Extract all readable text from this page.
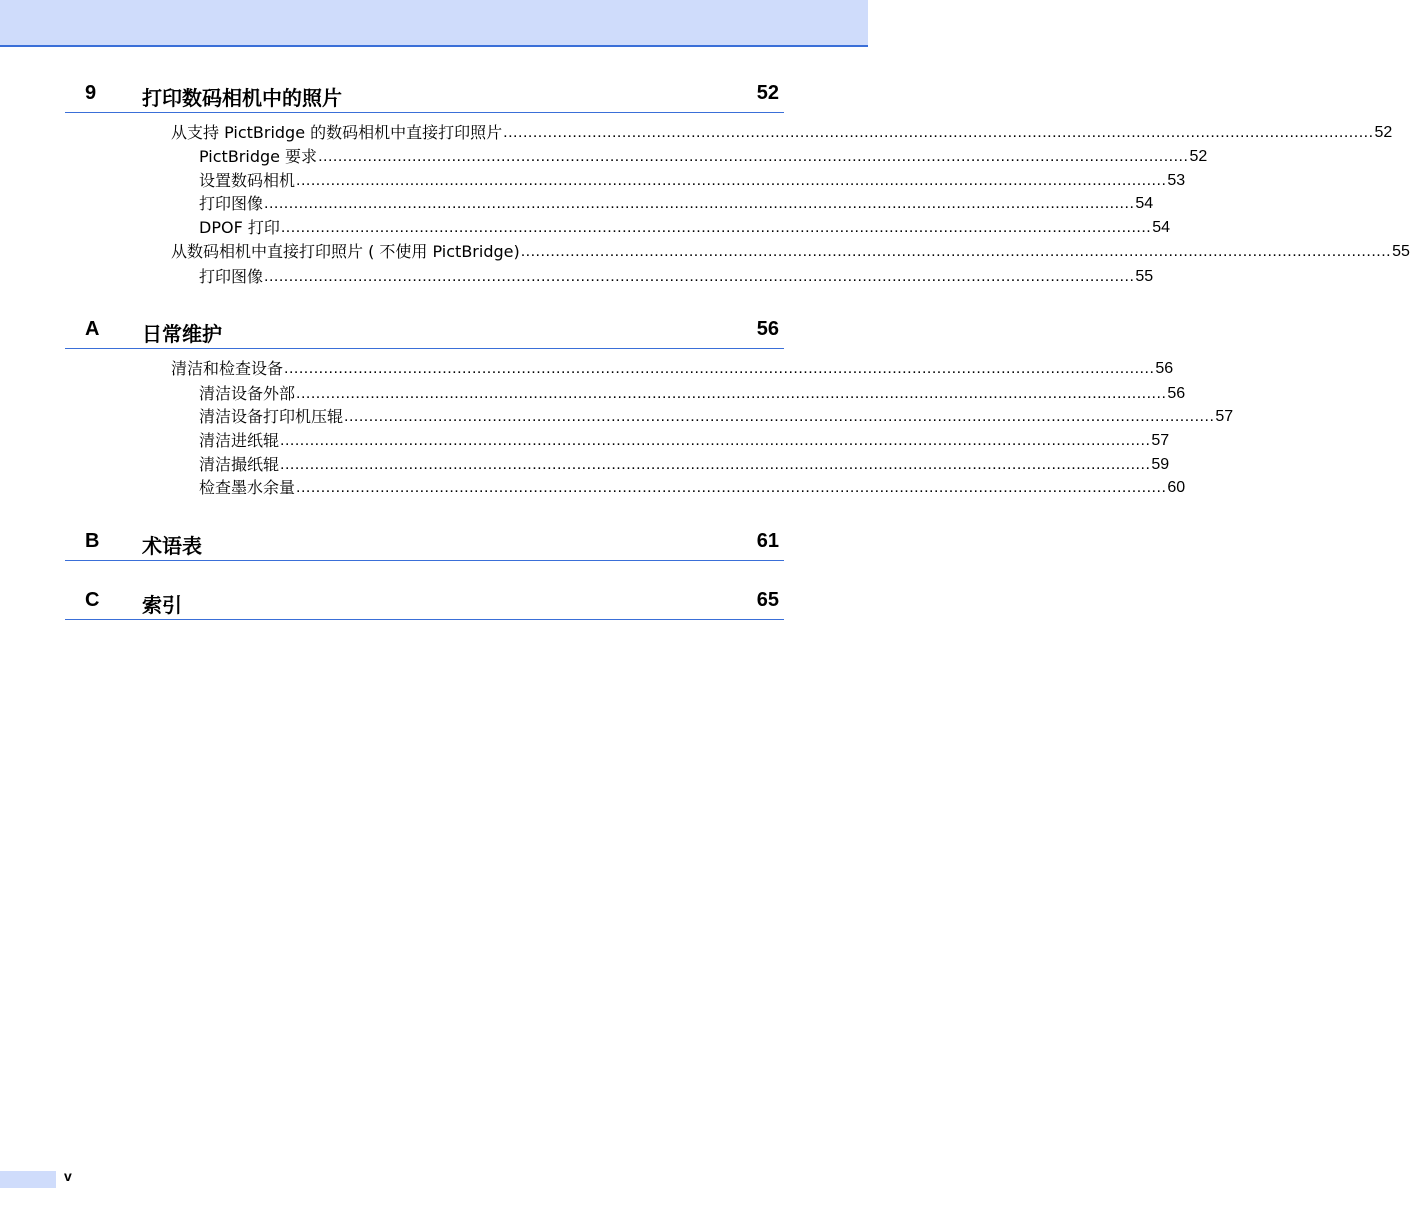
9 打印数码相机中的照片	52
从支持 PictBridge 的数码相机中直接打印照片 ................................................................................................................................................................................ 52
PictBridge 要求 ................................................................................................................................................................................ 52
设置数码相机 ................................................................................................................................................................................ 53
打印图像 ................................................................................................................................................................................ 54
DPOF 打印 ................................................................................................................................................................................ 54
从数码相机中直接打印照片 ( 不使用 PictBridge) ................................................................................................................................................................................ 55
打印图像 ................................................................................................................................................................................ 55
A 日常维护	56
清洁和检查设备 ................................................................................................................................................................................ 56
清洁设备外部 ................................................................................................................................................................................ 56
清洁设备打印机压辊 ................................................................................................................................................................................ 57
清洁进纸辊 ................................................................................................................................................................................ 57
清洁撮纸辊 ................................................................................................................................................................................ 59
检查墨水余量 ................................................................................................................................................................................ 60
B 术语表	61
C 索引	65
v
